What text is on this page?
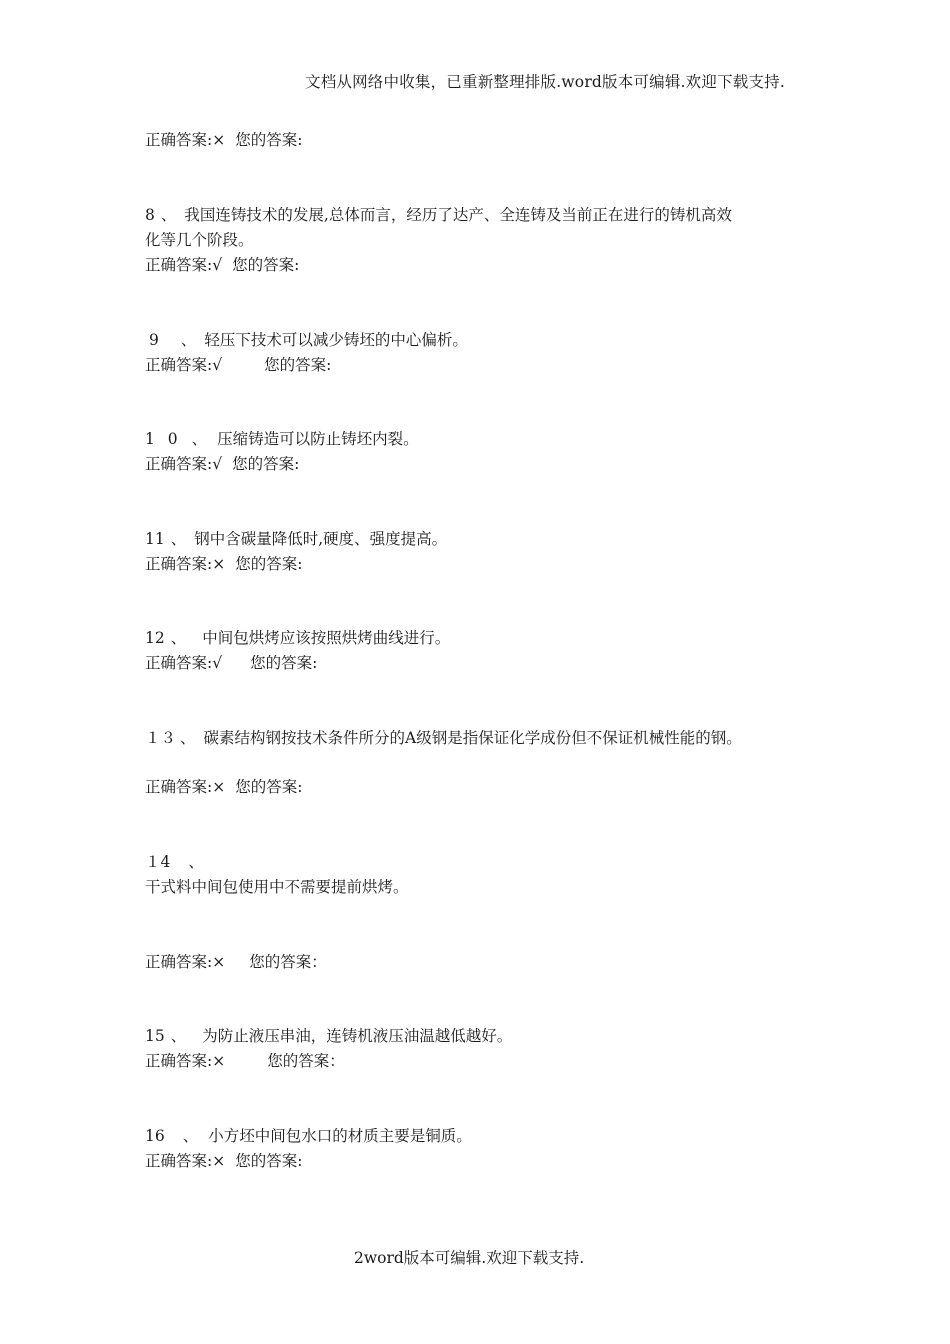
文档从网络中收集，已重新整理排版.word版本可编辑.欢迎下载支持.
正确答案:× 您的答案:
8 、 我国连铸技术的发展,总体而言，经历了达产、全连铸及当前正在进行的铸机高效
化等几个阶段。
正确答案:√ 您的答案:
9 、 轻压下技术可以减少铸坯的中心偏析。
正确答案:√	您的答案:
1 0 、 压缩铸造可以防止铸坯内裂。
正确答案:√ 您的答案:
11 、 钢中含碳量降低时,硬度、强度提高。
正确答案:× 您的答案:
12 、 中间包烘烤应该按照烘烤曲线进行。
正确答案:√ 您的答案:
１３ 、 碳素结构钢按技术条件所分的A级钢是指保证化学成份但不保证机械性能的钢。
正确答案:× 您的答案:
１4 、
干式料中间包使用中不需要提前烘烤。
正确答案:× 您的答案：
15 、 为防止液压串油，连铸机液压油温越低越好。
正确答案:×	您的答案：
16 、 小方坯中间包水口的材质主要是铜质。
正确答案:× 您的答案:
2word版本可编辑.欢迎下载支持.
